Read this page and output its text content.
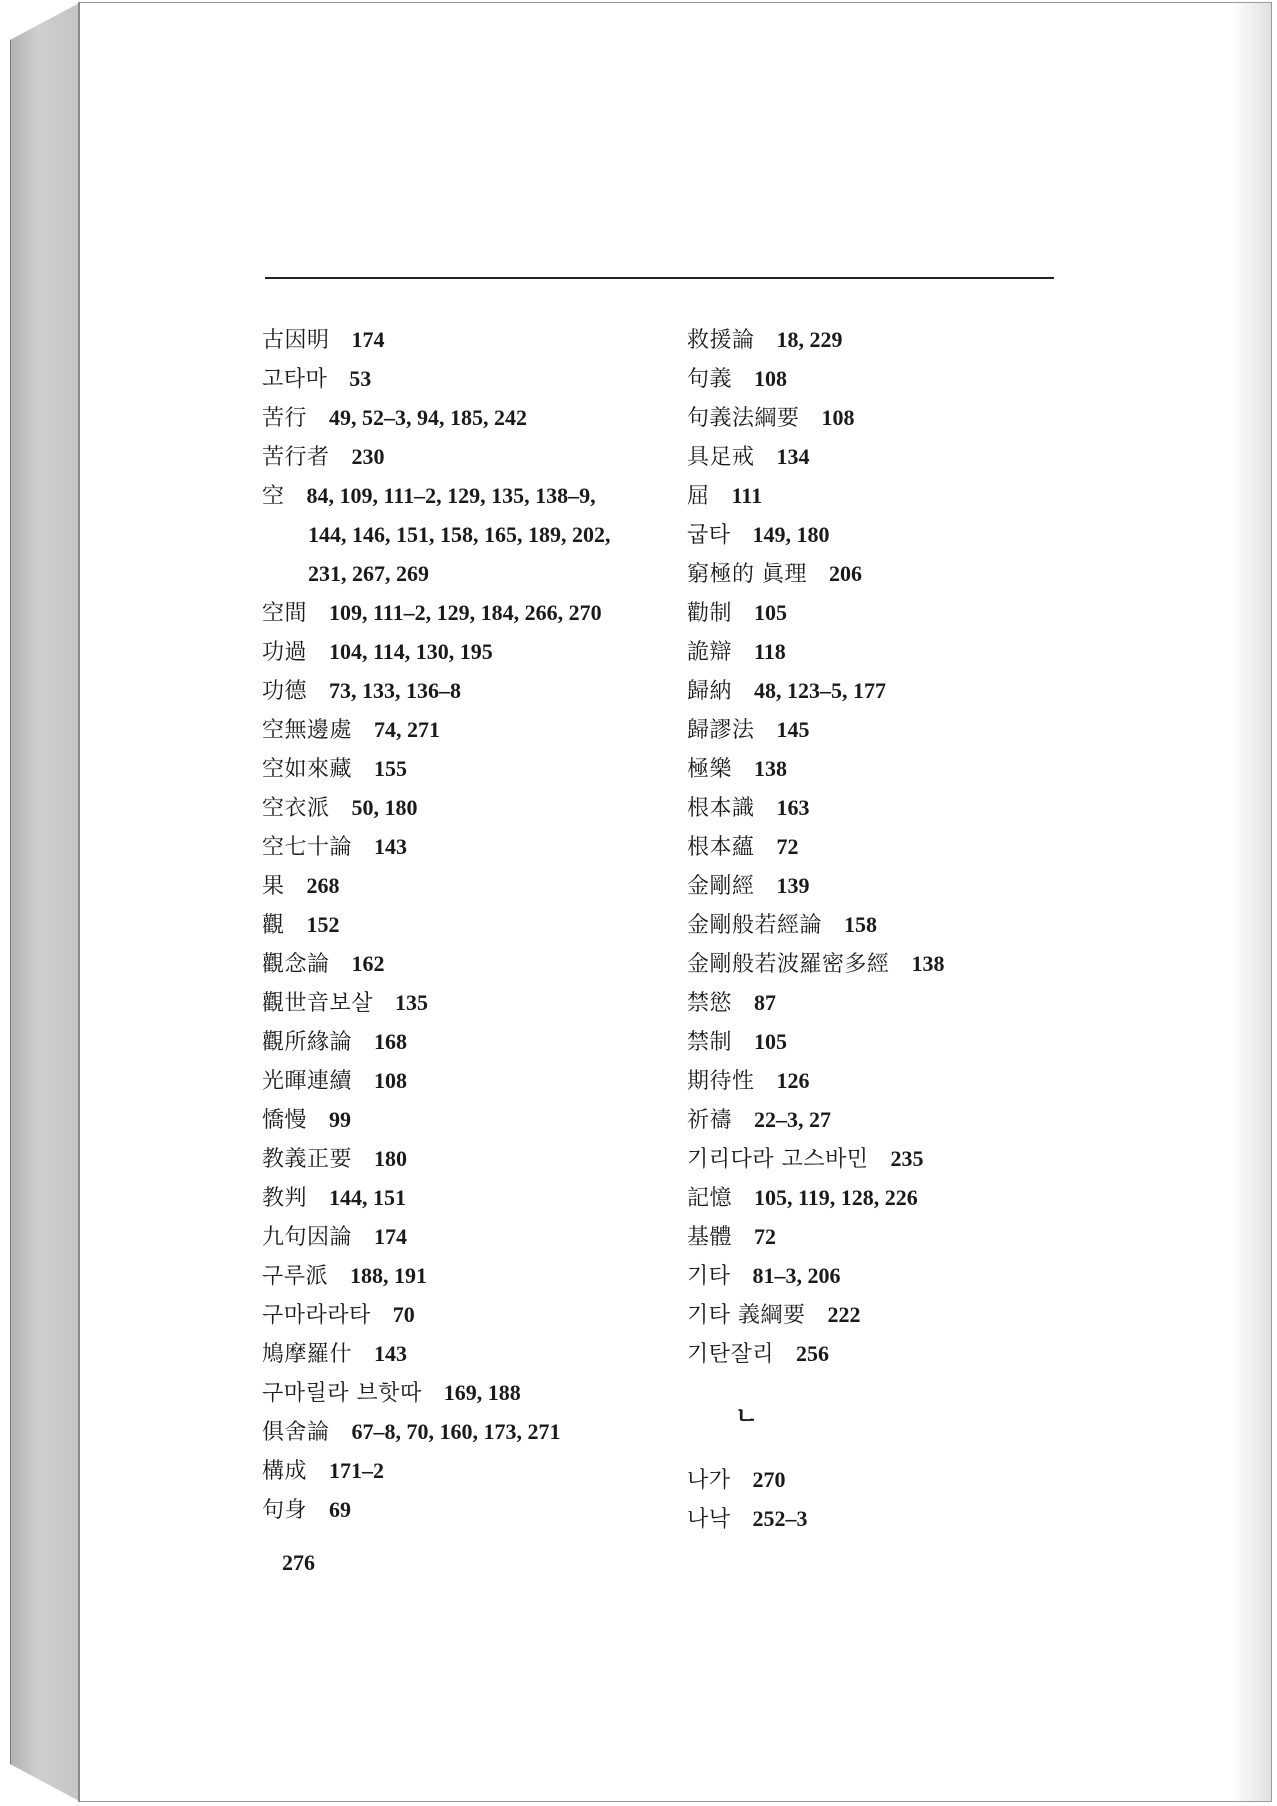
古因明 174
고타마 53
苦行 49, 52–3, 94, 185, 242
苦行者 230
空 84, 109, 111–2, 129, 135, 138–9,
144, 146, 151, 158, 165, 189, 202,
231, 267, 269
空間 109, 111–2, 129, 184, 266, 270
功過 104, 114, 130, 195
功德 73, 133, 136–8
空無邊處 74, 271
空如來藏 155
空衣派 50, 180
空七十論 143
果 268
觀 152
觀念論 162
觀世音보살 135
觀所緣論 168
光暉連續 108
憍慢 99
教義正要 180
教判 144, 151
九句因論 174
구루派 188, 191
구마라라타 70
鳩摩羅什 143
구마릴라 브핫따 169, 188
俱舍論 67–8, 70, 160, 173, 271
構成 171–2
句身 69
救援論 18, 229
句義 108
句義法綱要 108
具足戒 134
屈 111
굽타 149, 180
窮極的 眞理 206
勸制 105
詭辯 118
歸納 48, 123–5, 177
歸謬法 145
極樂 138
根本識 163
根本蘊 72
金剛經 139
金剛般若經論 158
金剛般若波羅密多經 138
禁慾 87
禁制 105
期待性 126
祈禱 22–3, 27
기리다라 고스바민 235
記憶 105, 119, 128, 226
基體 72
기타 81–3, 206
기타 義綱要 222
기탄잘리 256
ㄴ
나가 270
나낙 252–3
276
